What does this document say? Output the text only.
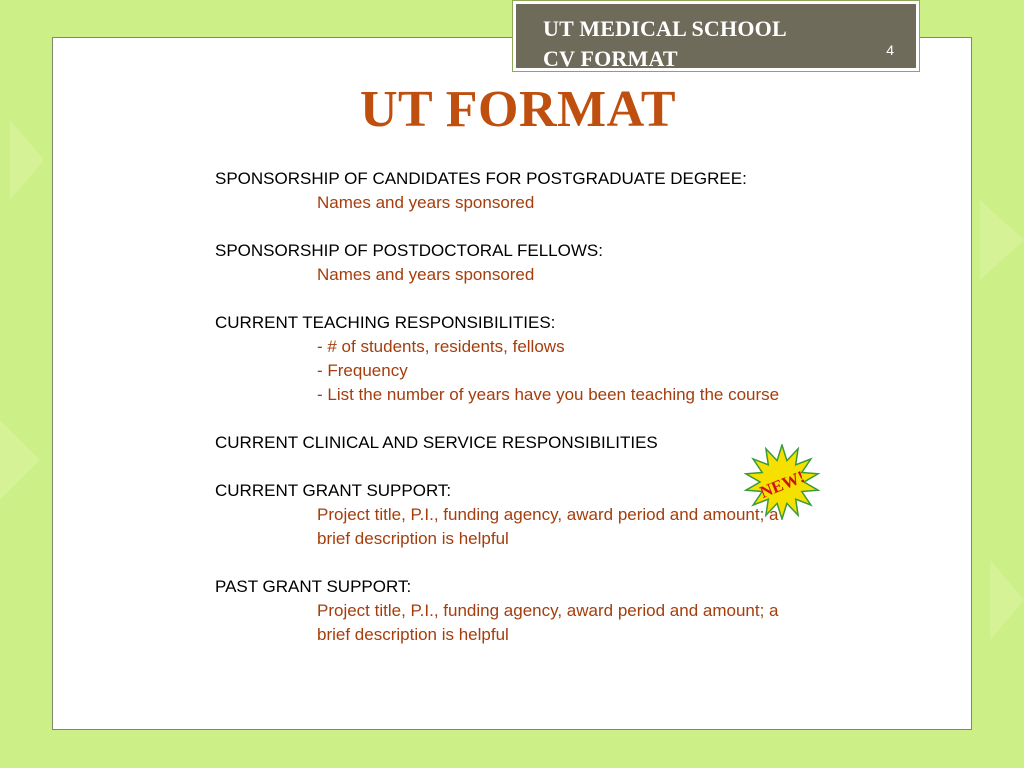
UT MEDICAL SCHOOL
CV FORMAT	4
UT FORMAT

SPONSORSHIP OF CANDIDATES FOR POSTGRADUATE DEGREE:

Names and years sponsored

SPONSORSHIP OF POSTDOCTORAL FELLOWS:

Names and years sponsored

CURRENT TEACHING RESPONSIBILITIES:

- # of students, residents, fellows

- Frequency

- List the number of years have you been teaching the course

CURRENT CLINICAL AND SERVICE RESPONSIBILITIES

CURRENT GRANT SUPPORT:

Project title, P.I., funding agency, award period and amount; a brief description is helpful

PAST GRANT SUPPORT:

Project title, P.I., funding agency, award period and amount; a brief description is helpful

NEW!
